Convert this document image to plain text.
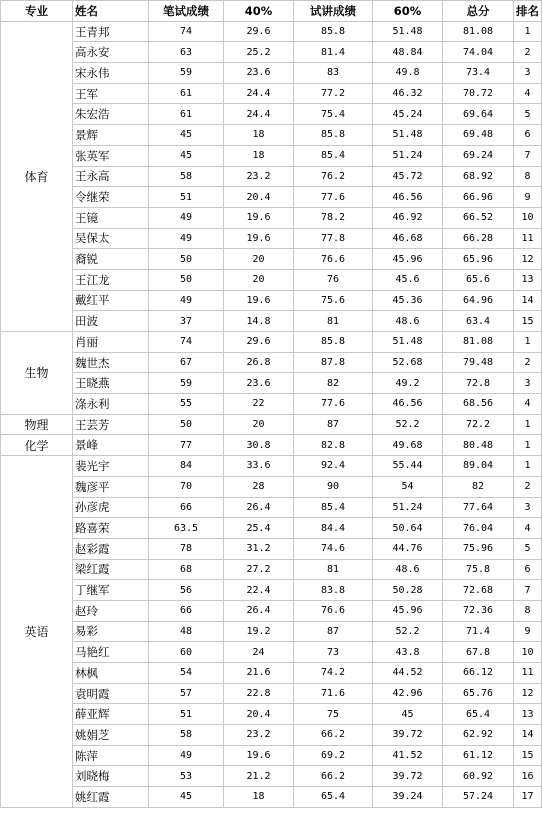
专业	姓名	笔试成绩	40%	试讲成绩	60%	总分	排名
体育	王青邦	74	29.6	85.8	51.48	81.08	1
	高永安	63	25.2	81.4	48.84	74.04	2
	宋永伟	59	23.6	83	49.8	73.4	3
	王军	61	24.4	77.2	46.32	70.72	4
	朱宏浩	61	24.4	75.4	45.24	69.64	5
	景辉	45	18	85.8	51.48	69.48	6
	张英军	45	18	85.4	51.24	69.24	7
	王永高	58	23.2	76.2	45.72	68.92	8
	令继荣	51	20.4	77.6	46.56	66.96	9
	王镜	49	19.6	78.2	46.92	66.52	10
	吴保太	49	19.6	77.8	46.68	66.28	11
	裔锐	50	20	76.6	45.96	65.96	12
	王江龙	50	20	76	45.6	65.6	13
	戴红平	49	19.6	75.6	45.36	64.96	14
	田波	37	14.8	81	48.6	63.4	15
生物	肖丽	74	29.6	85.8	51.48	81.08	1
	魏世杰	67	26.8	87.8	52.68	79.48	2
	王晓燕	59	23.6	82	49.2	72.8	3
	涤永利	55	22	77.6	46.56	68.56	4
物理	王芸芳	50	20	87	52.2	72.2	1
化学	景峰	77	30.8	82.8	49.68	80.48	1
英语	裴光宇	84	33.6	92.4	55.44	89.04	1
	魏彦平	70	28	90	54	82	2
	孙彦虎	66	26.4	85.4	51.24	77.64	3
	路喜荣	63.5	25.4	84.4	50.64	76.04	4
	赵彩霞	78	31.2	74.6	44.76	75.96	5
	梁红霞	68	27.2	81	48.6	75.8	6
	丁继军	56	22.4	83.8	50.28	72.68	7
	赵玲	66	26.4	76.6	45.96	72.36	8
	易彩	48	19.2	87	52.2	71.4	9
	马艳红	60	24	73	43.8	67.8	10
	林枫	54	21.6	74.2	44.52	66.12	11
	袁明霞	57	22.8	71.6	42.96	65.76	12
	薛亚辉	51	20.4	75	45	65.4	13
	姚娟芝	58	23.2	66.2	39.72	62.92	14
	陈萍	49	19.6	69.2	41.52	61.12	15
	刘晓梅	53	21.2	66.2	39.72	60.92	16
	姚红霞	45	18	65.4	39.24	57.24	17
